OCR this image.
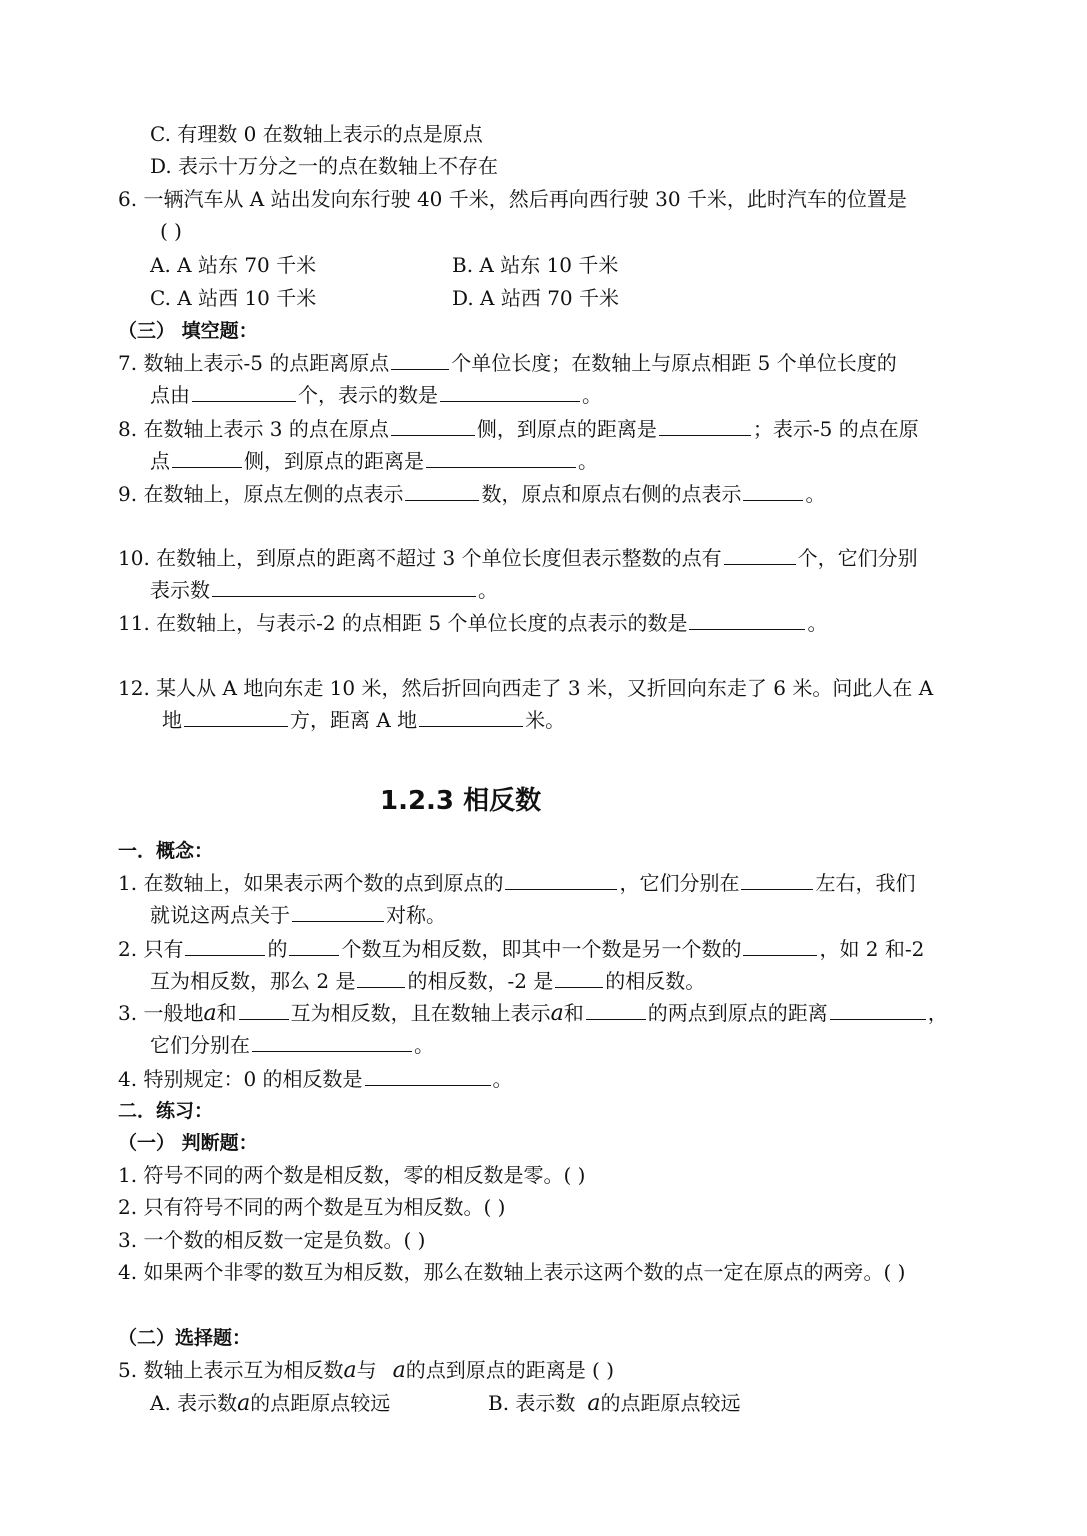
C. 有理数 0 在数轴上表示的点是原点
D. 表示十万分之一的点在数轴上不存在
6. 一辆汽车从 A 站出发向东行驶 40 千米，然后再向西行驶 30 千米，此时汽车的位置是
( )
A. A 站东 70 千米	B. A 站东 10 千米
C. A 站西 10 千米	D. A 站西 70 千米
（三） 填空题：
7. 数轴上表示-5 的点距离原点	个单位长度；在数轴上与原点相距 5 个单位长度的
点由	个，表示的数是	。
8. 在数轴上表示 3 的点在原点	侧，到原点的距离是	；表示-5 的点在原
点	侧，到原点的距离是	。
9. 在数轴上，原点左侧的点表示	数，原点和原点右侧的点表示	。
10. 在数轴上，到原点的距离不超过 3 个单位长度但表示整数的点有	个，它们分别
表示数	。
11. 在数轴上，与表示-2 的点相距 5 个单位长度的点表示的数是	。
12. 某人从 A 地向东走 10 米，然后折回向西走了 3 米，又折回向东走了 6 米。问此人在 A
地	方，距离 A 地	米。
1.2.3 相反数
一．概念：
1. 在数轴上，如果表示两个数的点到原点的	，它们分别在	左右，我们
就说这两点关于	对称。
2. 只有	的	个数互为相反数，即其中一个数是另一个数的	，如 2 和-2
互为相反数，那么 2 是	的相反数，-2 是	的相反数。
3. 一般地a和	互为相反数，且在数轴上表示a和	的两点到原点的距离	，
它们分别在	。
4. 特别规定：0 的相反数是	。
二．练习：
（一） 判断题：
1. 符号不同的两个数是相反数，零的相反数是零。( )
2. 只有符号不同的两个数是互为相反数。( )
3. 一个数的相反数一定是负数。( )
4. 如果两个非零的数互为相反数，那么在数轴上表示这两个数的点一定在原点的两旁。( )
（二）选择题：
5. 数轴上表示互为相反数a与 a的点到原点的距离是 ( )
A. 表示数a的点距原点较远	B. 表示数 a的点距原点较远
